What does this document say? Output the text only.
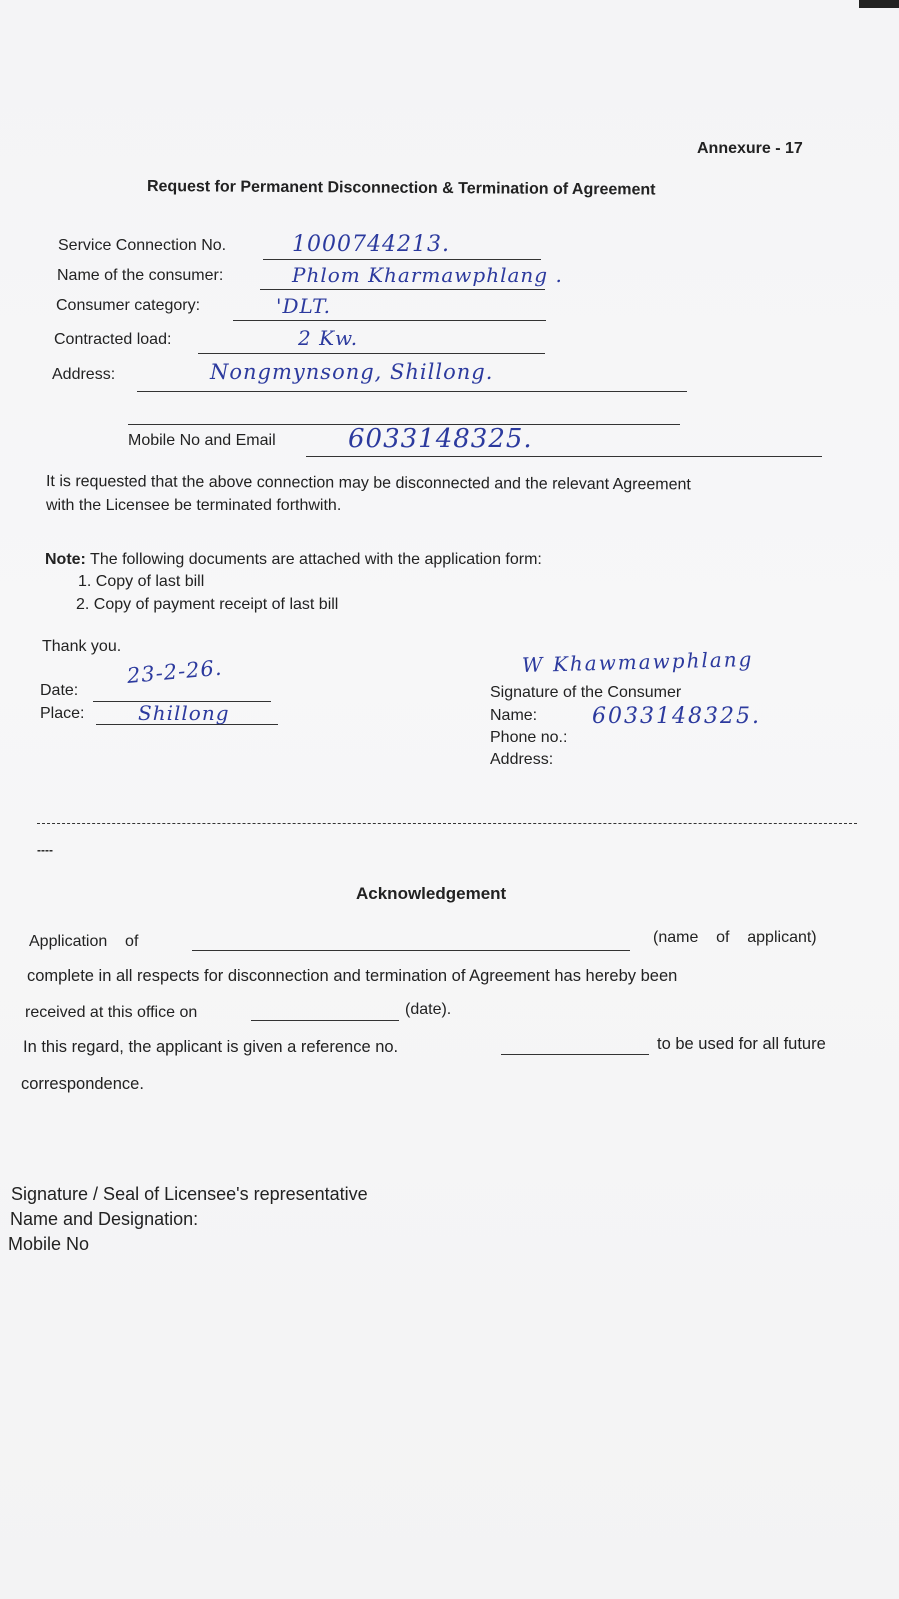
Annexure - 17
Request for Permanent Disconnection & Termination of Agreement
Service Connection No.	1000744213.
Name of the consumer:	Phlom Kharmawphlang .
Consumer category:	'DLT.
Contracted load:	2 Kw.
Address:	Nongmynsong, Shillong.
Mobile No and Email	6033148325.
It is requested that the above connection may be disconnected and the relevant Agreement
with the Licensee be terminated forthwith.
Note: The following documents are attached with the application form:
1. Copy of last bill
2. Copy of payment receipt of last bill
Thank you.
Date:
23-2-26.
Place:	Shillong
W Khawmawphlang
Signature of the Consumer
Name: 6033148325.
Phone no.:
Address:
----
Acknowledgement
Application    of	(name    of    applicant)
complete in all respects for disconnection and termination of Agreement has hereby been
received at this office on	(date).
In this regard, the applicant is given a reference no.	to be used for all future
correspondence.
Signature / Seal of Licensee's representative
Name and Designation:
Mobile No
